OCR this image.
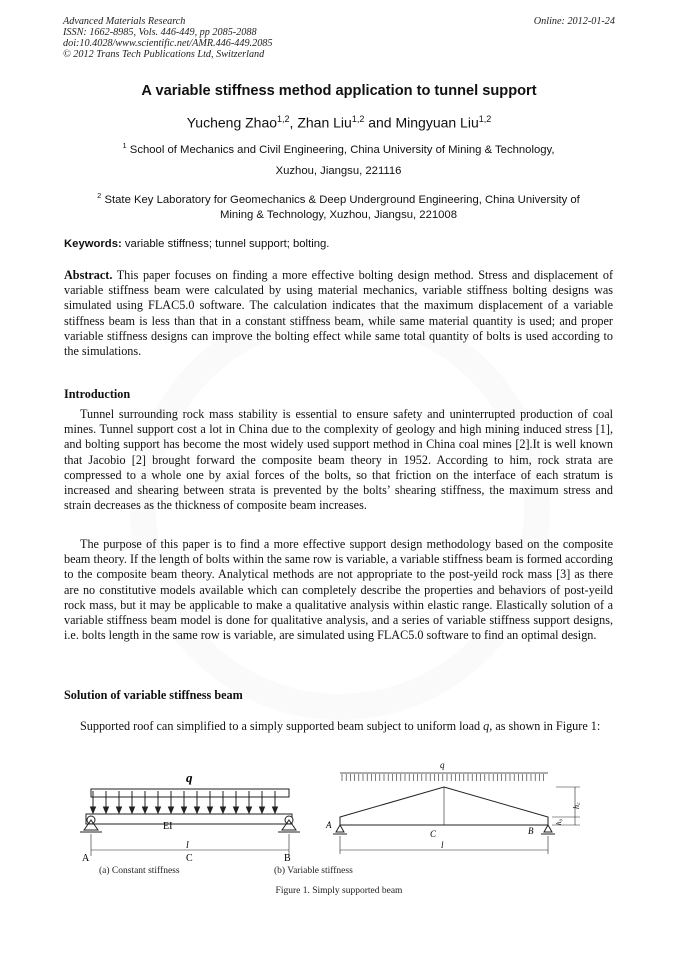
Advanced Materials Research
ISSN: 1662-8985, Vols. 446-449, pp 2085-2088
doi:10.4028/www.scientific.net/AMR.446-449.2085
© 2012 Trans Tech Publications Ltd, Switzerland
Online: 2012-01-24
A variable stiffness method application to tunnel support
Yucheng Zhao$^{1,2}$, Zhan Liu$^{1,2}$ and Mingyuan Liu$^{1,2}$
$^1$ School of Mechanics and Civil Engineering, China University of Mining & Technology,
Xuzhou, Jiangsu, 221116
$^2$ State Key Laboratory for Geomechanics & Deep Underground Engineering, China University of
Mining & Technology, Xuzhou, Jiangsu, 221008
Keywords: variable stiffness; tunnel support; bolting.
Abstract. This paper focuses on finding a more effective bolting design method. Stress and displacement of variable stiffness beam were calculated by using material mechanics, variable stiffness bolting designs was simulated using FLAC5.0 software. The calculation indicates that the maximum displacement of a variable stiffness beam is less than that in a constant stiffness beam, while same material quantity is used; and proper variable stiffness designs can improve the bolting effect while same total quantity of bolts is used according to the simulations.
Introduction
Tunnel surrounding rock mass stability is essential to ensure safety and uninterrupted production of coal mines. Tunnel support cost a lot in China due to the complexity of geology and high mining induced stress [1], and bolting support has become the most widely used support method in China coal mines [2].It is well known that Jacobio [2] brought forward the composite beam theory in 1952. According to him, rock strata are compressed to a whole one by axial forces of the bolts, so that friction on the interface of each stratum is increased and shearing between strata is prevented by the bolts’ shearing stiffness, the maximum stress and strain decreases as the thickness of composite beam increases.
The purpose of this paper is to find a more effective support design methodology based on the composite beam theory. If the length of bolts within the same row is variable, a variable stiffness beam is formed according to the composite beam theory. Analytical methods are not appropriate to the post-yeild rock mass [3] as there are no constitutive models available which can completely describe the properties and behaviors of post-yeild rock mass, but it may be applicable to make a qualitative analysis within elastic range. Elastically solution of a variable stiffness beam model is done for qualitative analysis, and a series of variable stiffness support designs, i.e. bolts length in the same row is variable, are simulated using FLAC5.0 software to find an optimal design.
Solution of variable stiffness beam
Supported roof can simplified to a simply supported beam subject to uniform load q, as shown in Figure 1:
q
EI
l
A	C	B
q
l
A
C	B
h꜀
h₀
(a) Constant stiffness	(b) Variable stiffness
Figure 1. Simply supported beam
